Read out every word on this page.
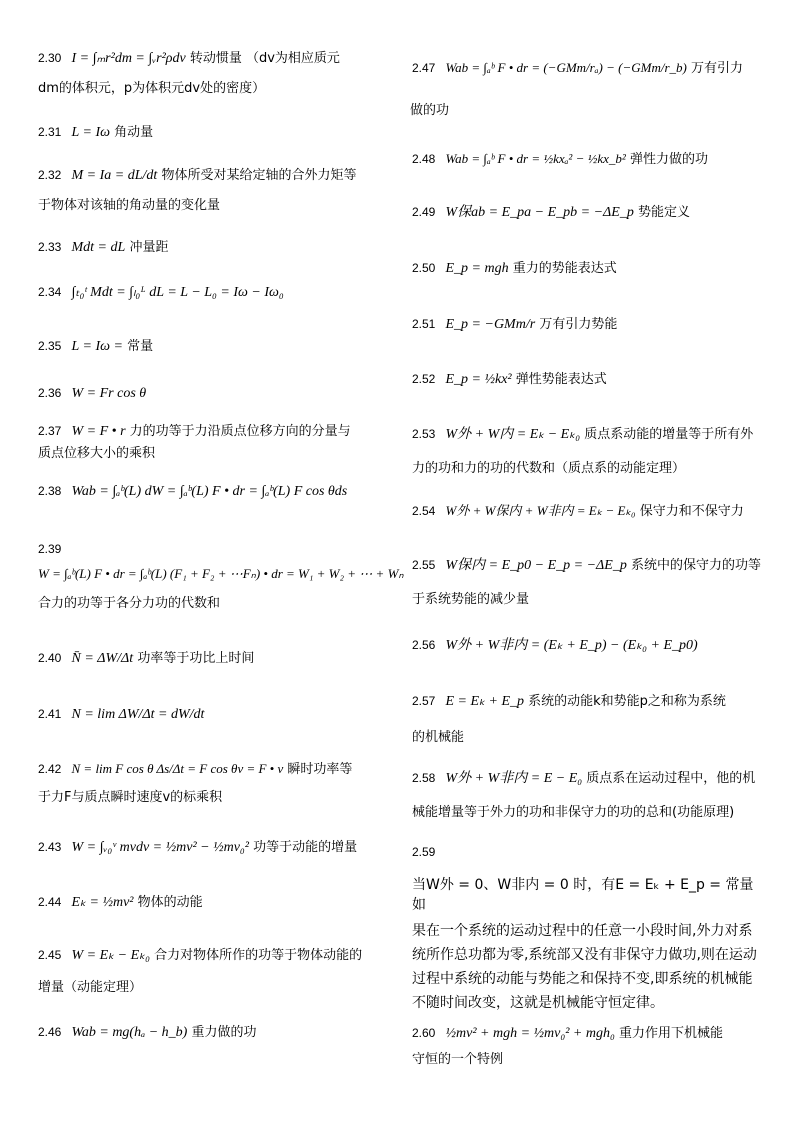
2.30 I = ∫ₘr²dm = ∫ᵥr²ρdv 转动惯量 （dv为相应质元
dm的体积元，p为体积元dv处的密度）
2.31 L = Iω 角动量
2.32 M = Ia = dL/dt 物体所受对某给定轴的合外力矩等
于物体对该轴的角动量的变化量
2.33 Mdt = dL 冲量距
2.34 ∫ₜ₀ᵗ Mdt = ∫ₗ₀ᴸ dL = L − L₀ = Iω − Iω₀
2.35 L = Iω = 常量
2.36 W = Fr cos θ
2.37 W = F • r 力的功等于力沿质点位移方向的分量与
质点位移大小的乘积
2.38 Wab = ∫ₐᵇ(L) dW = ∫ₐᵇ(L) F • dr = ∫ₐᵇ(L) F cos θds
2.39
W = ∫ₐᵇ(L) F • dr = ∫ₐᵇ(L) (F₁ + F₂ + ⋯Fₙ) • dr = W₁ + W₂ + ⋯ + Wₙ
合力的功等于各分力功的代数和
2.40 N̄ = ΔW/Δt 功率等于功比上时间
2.41 N = lim ΔW/Δt = dW/dt
2.42 N = lim F cos θ Δs/Δt = F cos θv = F • v 瞬时功率等
于力F与质点瞬时速度v的标乘积
2.43 W = ∫ᵥ₀ᵛ mvdv = ½mv² − ½mv₀² 功等于动能的增量
2.44 Eₖ = ½mv² 物体的动能
2.45 W = Eₖ − Eₖ₀ 合力对物体所作的功等于物体动能的
增量（动能定理）
2.46 Wab = mg(hₐ − h_b) 重力做的功
2.47 Wab = ∫ₐᵇ F • dr = (−GMm/rₐ) − (−GMm/r_b) 万有引力
做的功
2.48 Wab = ∫ₐᵇ F • dr = ½kxₐ² − ½kx_b² 弹性力做的功
2.49 W保ab = E_pa − E_pb = −ΔE_p 势能定义
2.50 E_p = mgh 重力的势能表达式
2.51 E_p = −GMm/r 万有引力势能
2.52 E_p = ½kx² 弹性势能表达式
2.53 W外 + W内 = Eₖ − Eₖ₀ 质点系动能的增量等于所有外
力的功和力的功的代数和（质点系的动能定理）
2.54 W外 + W保内 + W非内 = Eₖ − Eₖ₀ 保守力和不保守力
2.55 W保内 = E_p0 − E_p = −ΔE_p 系统中的保守力的功等
于系统势能的减少量
2.56 W外 + W非内 = (Eₖ + E_p) − (Eₖ₀ + E_p0)
2.57 E = Eₖ + E_p 系统的动能k和势能p之和称为系统
的机械能
2.58 W外 + W非内 = E − E₀ 质点系在运动过程中，他的机
械能增量等于外力的功和非保守力的功的总和(功能原理)
2.59
当W外 = 0、W非内 = 0 时，有E = Eₖ + E_p = 常量 如
果在一个系统的运动过程中的任意一小段时间,外力对系统所作总功都为零,系统部又没有非保守力做功,则在运动过程中系统的动能与势能之和保持不变,即系统的机械能不随时间改变，这就是机械能守恒定律。
2.60 ½mv² + mgh = ½mv₀² + mgh₀ 重力作用下机械能
守恒的一个特例
